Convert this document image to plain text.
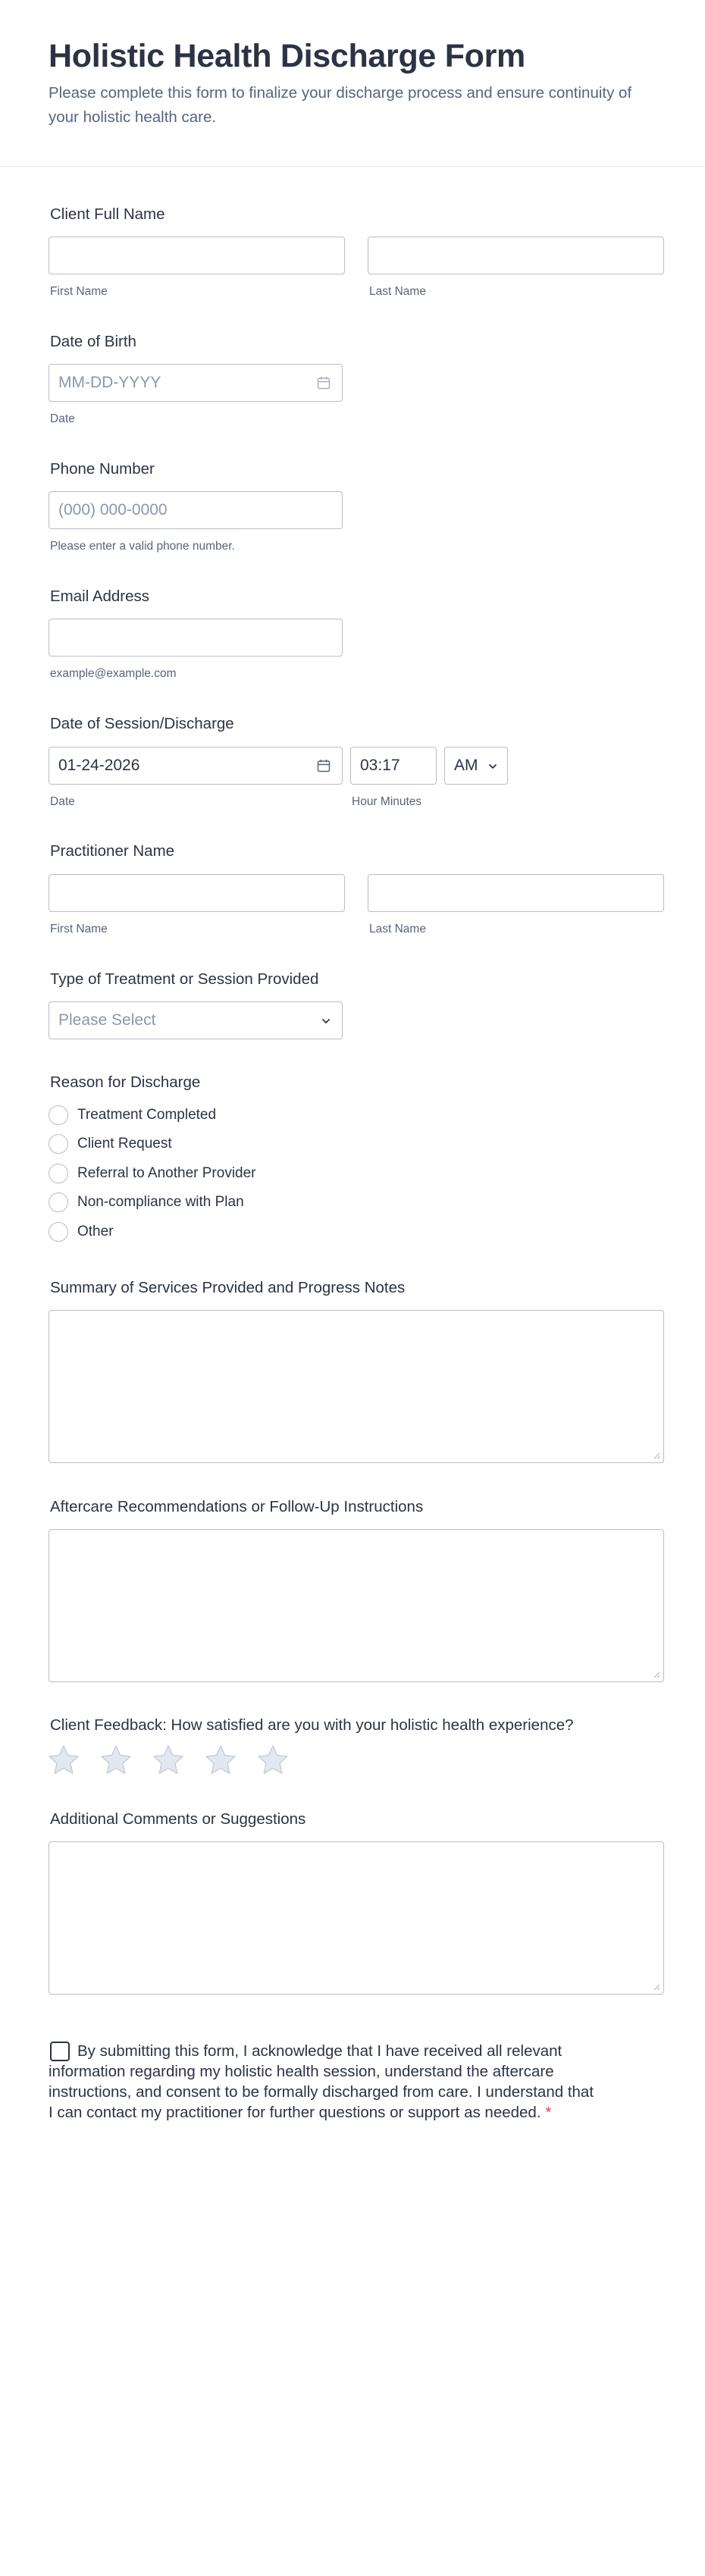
Holistic Health Discharge Form

Please complete this form to finalize your discharge process and ensure continuity of your holistic health care.

Client Full Name
First Name	Last Name
Date of Birth
MM-DD-YYYY
Date
Phone Number
(000) 000-0000
Please enter a valid phone number.
Email Address
example@example.com
Date of Session/Discharge
01-24-2026	03:17	AM
Date	Hour Minutes
Practitioner Name
First Name	Last Name
Type of Treatment or Session Provided
Please Select
Reason for Discharge
Treatment Completed
Client Request
Referral to Another Provider
Non-compliance with Plan
Other
Summary of Services Provided and Progress Notes
Aftercare Recommendations or Follow-Up Instructions
Client Feedback: How satisfied are you with your holistic health experience?
Additional Comments or Suggestions
By submitting this form, I acknowledge that I have received all relevant information regarding my holistic health session, understand the aftercare instructions, and consent to be formally discharged from care. I understand that I can contact my practitioner for further questions or support as needed. *
